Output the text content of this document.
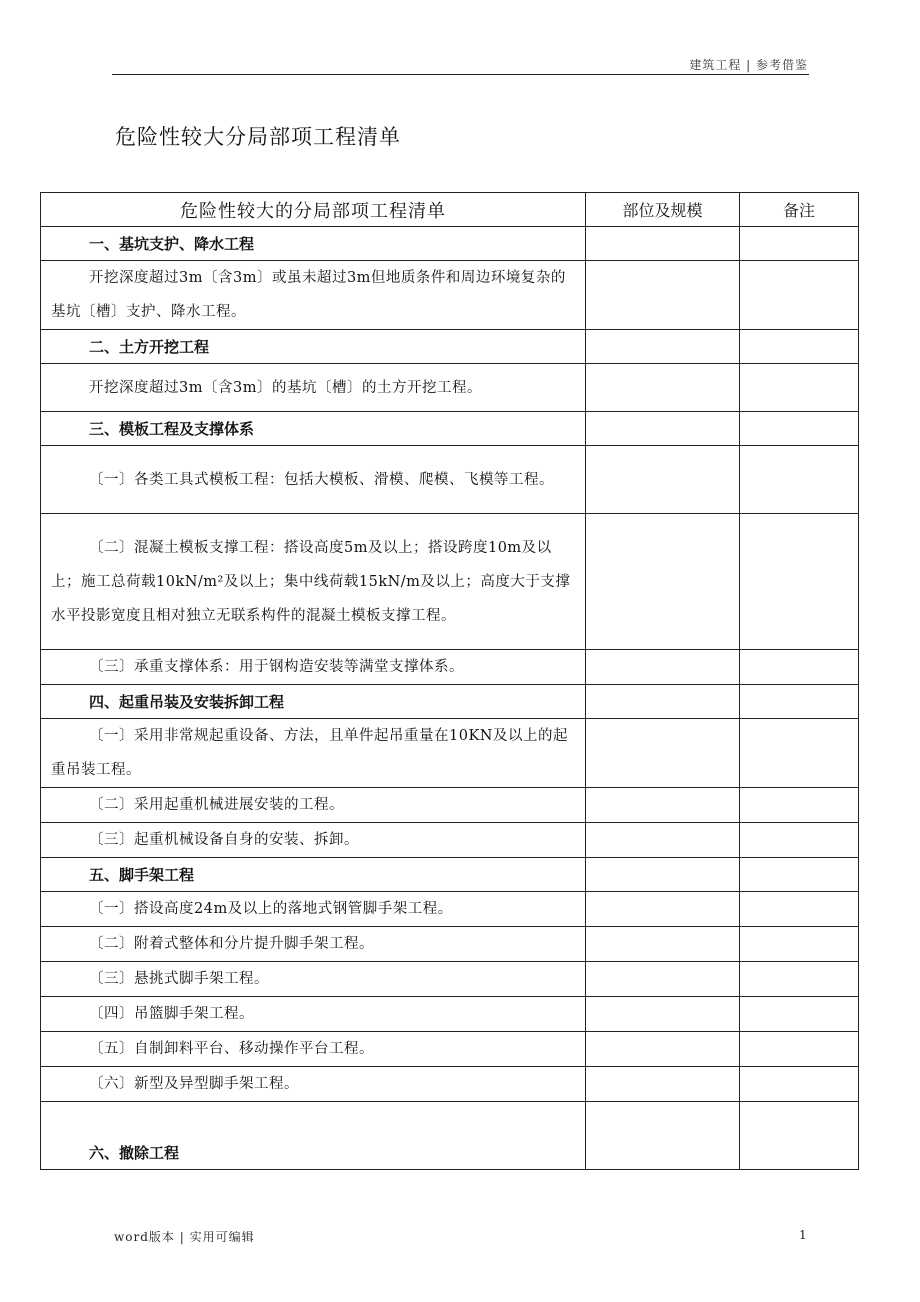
建筑工程 | 参考借鉴
危险性较大分局部项工程清单
危险性较大的分局部项工程清单	部位及规模	备注
一、基坑支护、降水工程		
开挖深度超过3m〔含3m〕或虽未超过3m但地质条件和周边环境复杂的基坑〔槽〕支护、降水工程。		
二、土方开挖工程		
开挖深度超过3m〔含3m〕的基坑〔槽〕的土方开挖工程。		
三、模板工程及支撑体系		
〔一〕各类工具式模板工程：包括大模板、滑模、爬模、飞模等工程。		
〔二〕混凝土模板支撑工程：搭设高度5m及以上；搭设跨度10m及以上；施工总荷载10kN/m²及以上；集中线荷载15kN/m及以上；高度大于支撑水平投影宽度且相对独立无联系构件的混凝土模板支撑工程。		
〔三〕承重支撑体系：用于钢构造安装等满堂支撑体系。		
四、起重吊装及安装拆卸工程		
〔一〕采用非常规起重设备、方法，且单件起吊重量在10KN及以上的起重吊装工程。		
〔二〕采用起重机械进展安装的工程。		
〔三〕起重机械设备自身的安装、拆卸。		
五、脚手架工程		
〔一〕搭设高度24m及以上的落地式钢管脚手架工程。		
〔二〕附着式整体和分片提升脚手架工程。		
〔三〕悬挑式脚手架工程。		
〔四〕吊篮脚手架工程。		
〔五〕自制卸料平台、移动操作平台工程。		
〔六〕新型及异型脚手架工程。		
六、撤除工程		
word版本 | 实用可编辑	1
